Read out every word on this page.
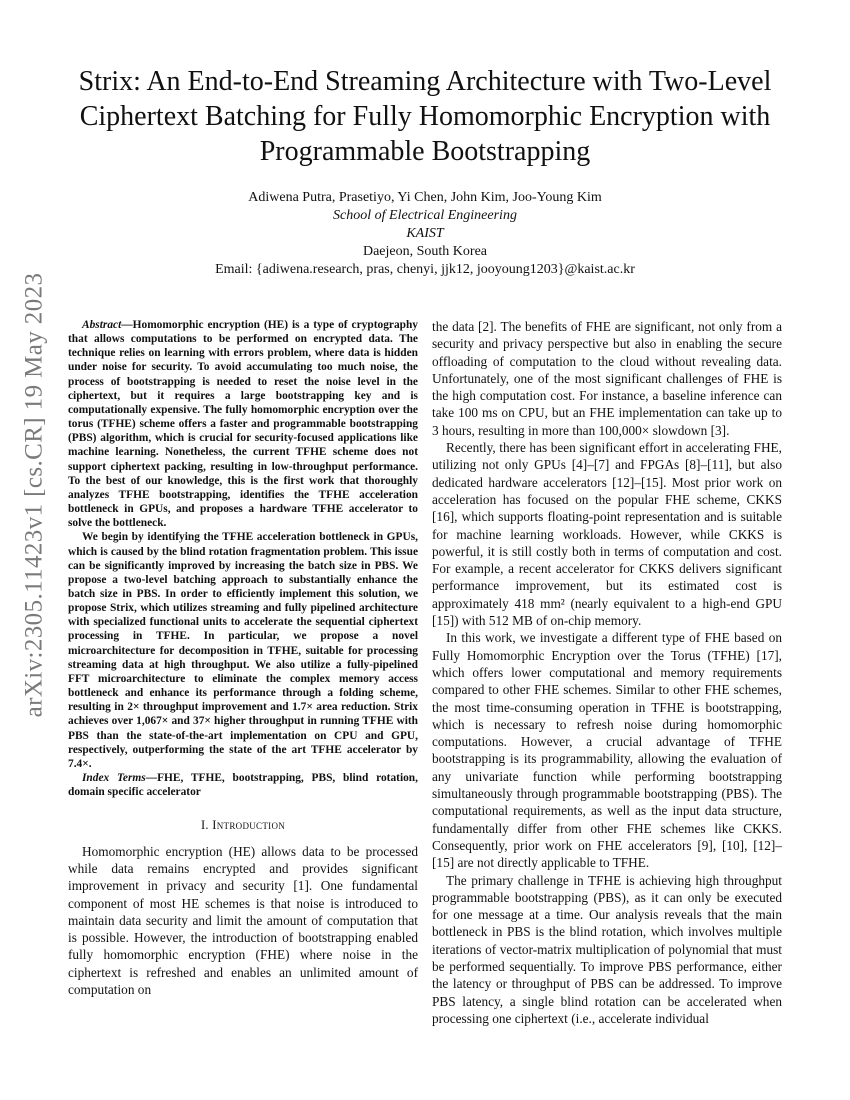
arXiv:2305.11423v1 [cs.CR] 19 May 2023
Strix: An End-to-End Streaming Architecture with Two-Level Ciphertext Batching for Fully Homomorphic Encryption with Programmable Bootstrapping
Adiwena Putra, Prasetiyo, Yi Chen, John Kim, Joo-Young Kim
School of Electrical Engineering
KAIST
Daejeon, South Korea
Email: {adiwena.research, pras, chenyi, jjk12, jooyoung1203}@kaist.ac.kr

Abstract—Homomorphic encryption (HE) is a type of cryptography that allows computations to be performed on encrypted data. The technique relies on learning with errors problem, where data is hidden under noise for security. To avoid accumulating too much noise, the process of bootstrapping is needed to reset the noise level in the ciphertext, but it requires a large bootstrapping key and is computationally expensive. The fully homomorphic encryption over the torus (TFHE) scheme offers a faster and programmable bootstrapping (PBS) algorithm, which is crucial for security-focused applications like machine learning. Nonetheless, the current TFHE scheme does not support ciphertext packing, resulting in low-throughput performance. To the best of our knowledge, this is the first work that thoroughly analyzes TFHE bootstrapping, identifies the TFHE acceleration bottleneck in GPUs, and proposes a hardware TFHE accelerator to solve the bottleneck.

We begin by identifying the TFHE acceleration bottleneck in GPUs, which is caused by the blind rotation fragmentation problem. This issue can be significantly improved by increasing the batch size in PBS. We propose a two-level batching approach to substantially enhance the batch size in PBS. In order to efficiently implement this solution, we propose Strix, which utilizes streaming and fully pipelined architecture with specialized functional units to accelerate the sequential ciphertext processing in TFHE. In particular, we propose a novel microarchitecture for decomposition in TFHE, suitable for processing streaming data at high throughput. We also utilize a fully-pipelined FFT microarchitecture to eliminate the complex memory access bottleneck and enhance its performance through a folding scheme, resulting in 2× throughput improvement and 1.7× area reduction. Strix achieves over 1,067× and 37× higher throughput in running TFHE with PBS than the state-of-the-art implementation on CPU and GPU, respectively, outperforming the state of the art TFHE accelerator by 7.4×.

Index Terms—FHE, TFHE, bootstrapping, PBS, blind rotation, domain specific accelerator

I. Introduction

Homomorphic encryption (HE) allows data to be processed while data remains encrypted and provides significant improvement in privacy and security [1]. One fundamental component of most HE schemes is that noise is introduced to maintain data security and limit the amount of computation that is possible. However, the introduction of bootstrapping enabled fully homomorphic encryption (FHE) where noise in the ciphertext is refreshed and enables an unlimited amount of computation on

the data [2]. The benefits of FHE are significant, not only from a security and privacy perspective but also in enabling the secure offloading of computation to the cloud without revealing data. Unfortunately, one of the most significant challenges of FHE is the high computation cost. For instance, a baseline inference can take 100 ms on CPU, but an FHE implementation can take up to 3 hours, resulting in more than 100,000× slowdown [3].

Recently, there has been significant effort in accelerating FHE, utilizing not only GPUs [4]–[7] and FPGAs [8]–[11], but also dedicated hardware accelerators [12]–[15]. Most prior work on acceleration has focused on the popular FHE scheme, CKKS [16], which supports floating-point representation and is suitable for machine learning workloads. However, while CKKS is powerful, it is still costly both in terms of computation and cost. For example, a recent accelerator for CKKS delivers significant performance improvement, but its estimated cost is approximately 418 mm² (nearly equivalent to a high-end GPU [15]) with 512 MB of on-chip memory.

In this work, we investigate a different type of FHE based on Fully Homomorphic Encryption over the Torus (TFHE) [17], which offers lower computational and memory requirements compared to other FHE schemes. Similar to other FHE schemes, the most time-consuming operation in TFHE is bootstrapping, which is necessary to refresh noise during homomorphic computations. However, a crucial advantage of TFHE bootstrapping is its programmability, allowing the evaluation of any univariate function while performing bootstrapping simultaneously through programmable bootstrapping (PBS). The computational requirements, as well as the input data structure, fundamentally differ from other FHE schemes like CKKS. Consequently, prior work on FHE accelerators [9], [10], [12]–[15] are not directly applicable to TFHE.

The primary challenge in TFHE is achieving high throughput programmable bootstrapping (PBS), as it can only be executed for one message at a time. Our analysis reveals that the main bottleneck in PBS is the blind rotation, which involves multiple iterations of vector-matrix multiplication of polynomial that must be performed sequentially. To improve PBS performance, either the latency or throughput of PBS can be addressed. To improve PBS latency, a single blind rotation can be accelerated when processing one ciphertext (i.e., accelerate individual
